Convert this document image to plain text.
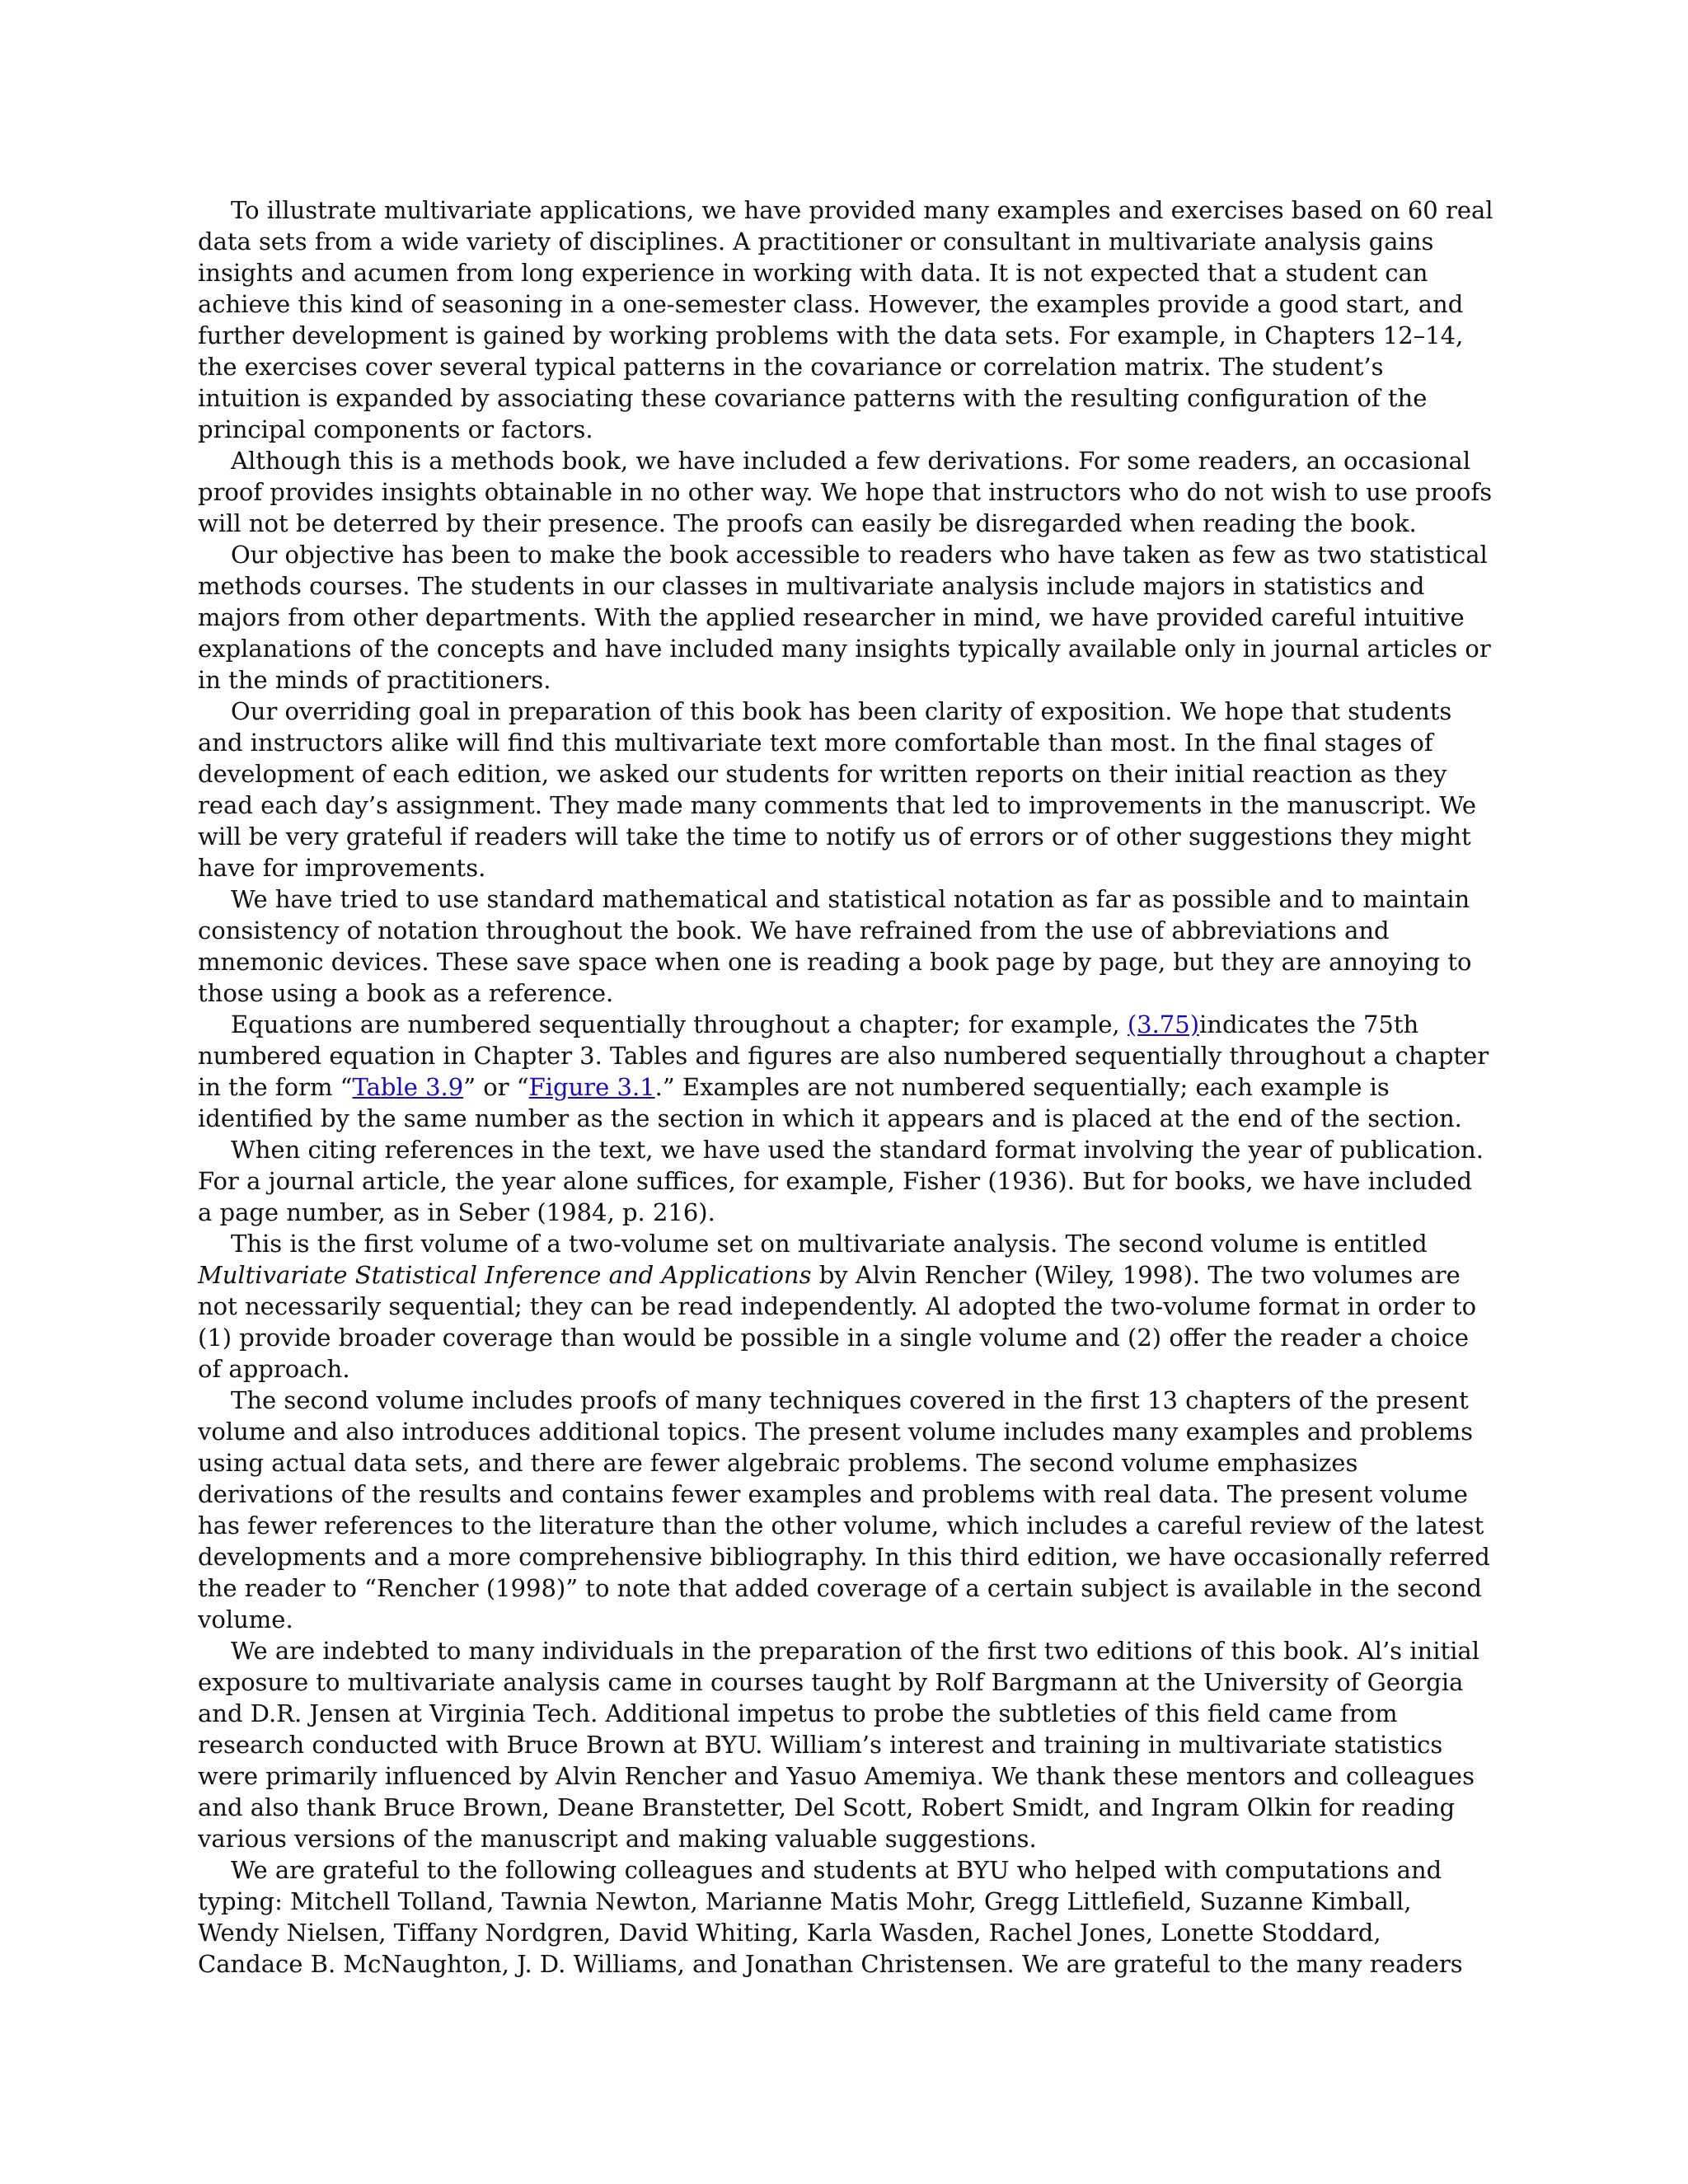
To illustrate multivariate applications, we have provided many examples and exercises based on 60 real data sets from a wide variety of disciplines. A practitioner or consultant in multivariate analysis gains insights and acumen from long experience in working with data. It is not expected that a student can achieve this kind of seasoning in a one-semester class. However, the examples provide a good start, and further development is gained by working problems with the data sets. For example, in Chapters 12–14, the exercises cover several typical patterns in the covariance or correlation matrix. The student’s intuition is expanded by associating these covariance patterns with the resulting configuration of the principal components or factors.

Although this is a methods book, we have included a few derivations. For some readers, an occasional proof provides insights obtainable in no other way. We hope that instructors who do not wish to use proofs will not be deterred by their presence. The proofs can easily be disregarded when reading the book.

Our objective has been to make the book accessible to readers who have taken as few as two statistical methods courses. The students in our classes in multivariate analysis include majors in statistics and majors from other departments. With the applied researcher in mind, we have provided careful intuitive explanations of the concepts and have included many insights typically available only in journal articles or in the minds of practitioners.

Our overriding goal in preparation of this book has been clarity of exposition. We hope that students and instructors alike will find this multivariate text more comfortable than most. In the final stages of development of each edition, we asked our students for written reports on their initial reaction as they read each day’s assignment. They made many comments that led to improvements in the manuscript. We will be very grateful if readers will take the time to notify us of errors or of other suggestions they might have for improvements.

We have tried to use standard mathematical and statistical notation as far as possible and to maintain consistency of notation throughout the book. We have refrained from the use of abbreviations and mnemonic devices. These save space when one is reading a book page by page, but they are annoying to those using a book as a reference.

Equations are numbered sequentially throughout a chapter; for example, (3.75)indicates the 75th numbered equation in Chapter 3. Tables and figures are also numbered sequentially throughout a chapter in the form “Table 3.9” or “Figure 3.1.” Examples are not numbered sequentially; each example is identified by the same number as the section in which it appears and is placed at the end of the section.

When citing references in the text, we have used the standard format involving the year of publication. For a journal article, the year alone suffices, for example, Fisher (1936). But for books, we have included a page number, as in Seber (1984, p. 216).

This is the first volume of a two-volume set on multivariate analysis. The second volume is entitled Multivariate Statistical Inference and Applications by Alvin Rencher (Wiley, 1998). The two volumes are not necessarily sequential; they can be read independently. Al adopted the two-volume format in order to (1) provide broader coverage than would be possible in a single volume and (2) offer the reader a choice of approach.

The second volume includes proofs of many techniques covered in the first 13 chapters of the present volume and also introduces additional topics. The present volume includes many examples and problems using actual data sets, and there are fewer algebraic problems. The second volume emphasizes derivations of the results and contains fewer examples and problems with real data. The present volume has fewer references to the literature than the other volume, which includes a careful review of the latest developments and a more comprehensive bibliography. In this third edition, we have occasionally referred the reader to “Rencher (1998)” to note that added coverage of a certain subject is available in the second volume.

We are indebted to many individuals in the preparation of the first two editions of this book. Al’s initial exposure to multivariate analysis came in courses taught by Rolf Bargmann at the University of Georgia and D.R. Jensen at Virginia Tech. Additional impetus to probe the subtleties of this field came from research conducted with Bruce Brown at BYU. William’s interest and training in multivariate statistics were primarily influenced by Alvin Rencher and Yasuo Amemiya. We thank these mentors and colleagues and also thank Bruce Brown, Deane Branstetter, Del Scott, Robert Smidt, and Ingram Olkin for reading various versions of the manuscript and making valuable suggestions.

We are grateful to the following colleagues and students at BYU who helped with computations and typing: Mitchell Tolland, Tawnia Newton, Marianne Matis Mohr, Gregg Littlefield, Suzanne Kimball, Wendy Nielsen, Tiffany Nordgren, David Whiting, Karla Wasden, Rachel Jones, Lonette Stoddard, Candace B. McNaughton, J. D. Williams, and Jonathan Christensen. We are grateful to the many readers
